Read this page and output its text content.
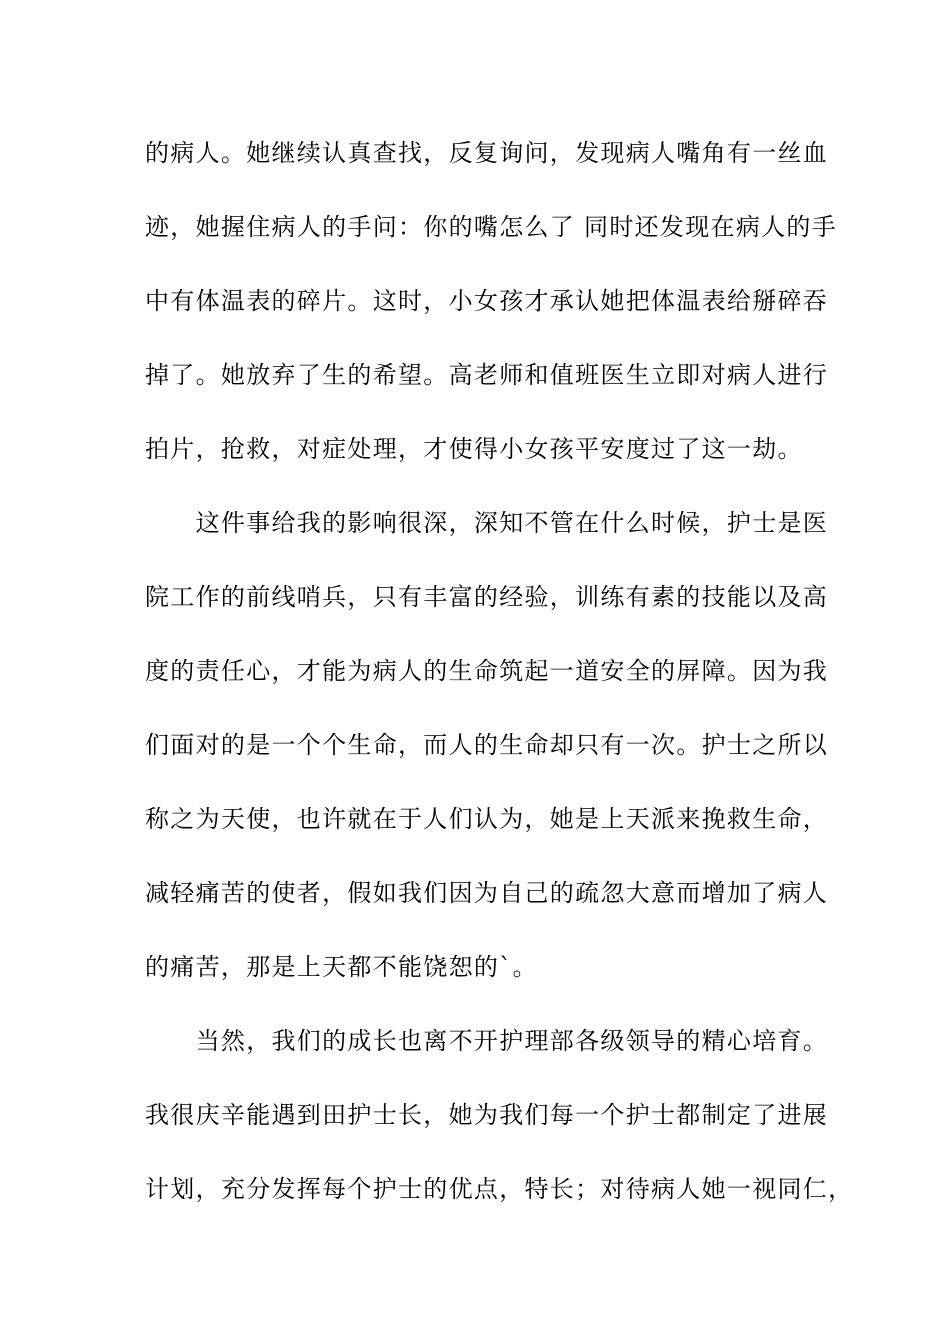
的病人。她继续认真查找，反复询问，发现病人嘴角有一丝血
迹，她握住病人的手问：你的嘴怎么了 同时还发现在病人的手
中有体温表的碎片。这时，小女孩才承认她把体温表给掰碎吞
掉了。她放弃了生的希望。高老师和值班医生立即对病人进行
拍片，抢救，对症处理，才使得小女孩平安度过了这一劫。
　　这件事给我的影响很深，深知不管在什么时候，护士是医
院工作的前线哨兵，只有丰富的经验，训练有素的技能以及高
度的责任心，才能为病人的生命筑起一道安全的屏障。因为我
们面对的是一个个生命，而人的生命却只有一次。护士之所以
称之为天使，也许就在于人们认为，她是上天派来挽救生命，
减轻痛苦的使者，假如我们因为自己的疏忽大意而增加了病人
的痛苦，那是上天都不能饶恕的`。
　　当然，我们的成长也离不开护理部各级领导的精心培育。
我很庆辛能遇到田护士长，她为我们每一个护士都制定了进展
计划，充分发挥每个护士的优点，特长；对待病人她一视同仁，
